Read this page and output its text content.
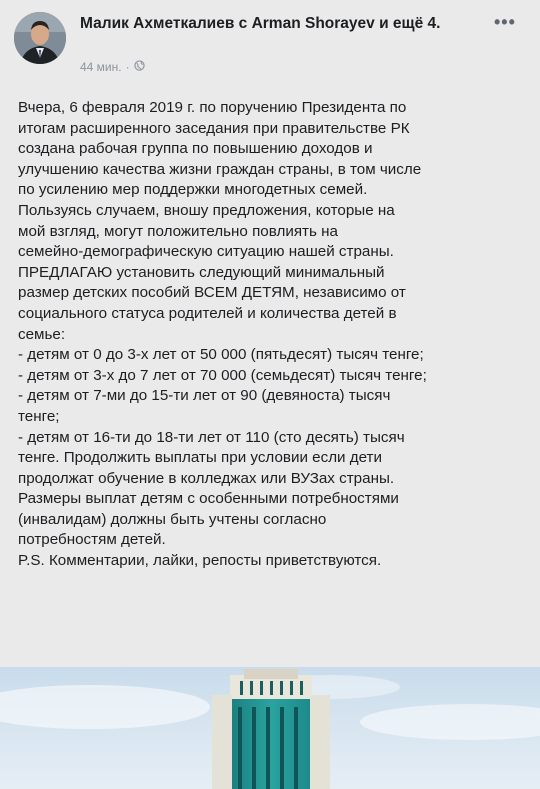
Малик Ахметкалиев с Arman Shorayev и ещё 4.	•••
44 мин. ·

Вчера, 6 февраля 2019 г. по поручению Президента по

итогам расширенного заседания при правительстве РК

создана рабочая группа по повышению доходов и

улучшению качества жизни граждан страны, в том числе

по усилению мер поддержки многодетных семей.

Пользуясь случаем, вношу предложения, которые на

мой взгляд, могут положительно повлиять на

семейно-демографическую ситуацию нашей страны.

ПРЕДЛАГАЮ установить следующий минимальный

размер детских пособий ВСЕМ ДЕТЯМ, независимо от

социального статуса родителей и количества детей в

семье:

- детям от 0 до 3-х лет от 50 000 (пятьдесят) тысяч тенге;

- детям от 3-х до 7 лет от 70 000 (семьдесят) тысяч тенге;

- детям от 7-ми до 15-ти лет от 90 (девяноста) тысяч

тенге;

- детям от 16-ти до 18-ти лет от 110 (сто десять) тысяч

тенге. Продолжить выплаты при условии если дети

продолжат обучение в колледжах или ВУЗах страны.

Размеры выплат детям с особенными потребностями

(инвалидам) должны быть учтены согласно

потребностям детей.

P.S. Комментарии, лайки, репосты приветствуются.
